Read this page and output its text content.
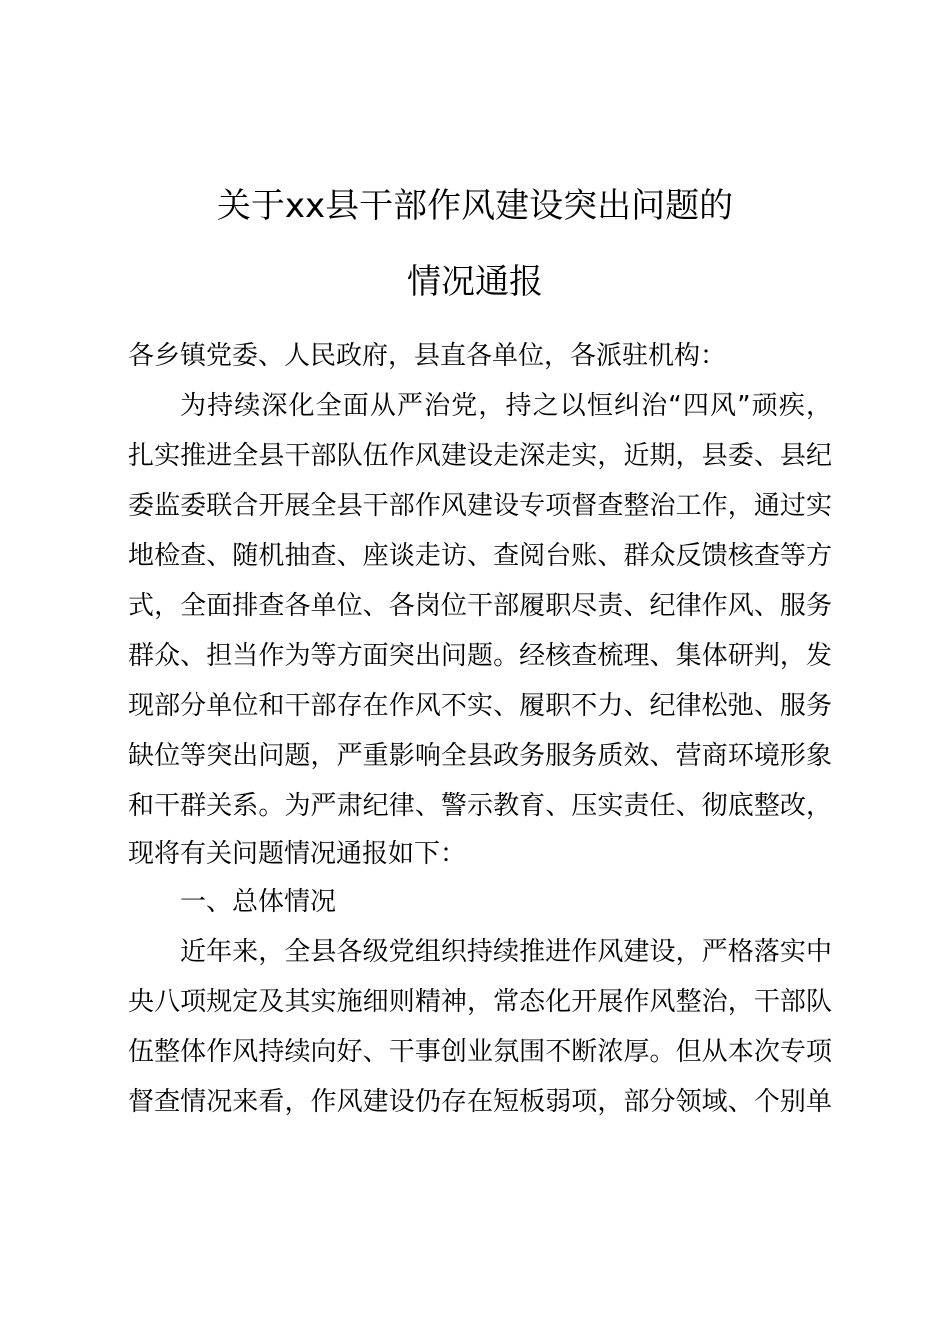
关于xx县干部作风建设突出问题的
情况通报
各乡镇党委、人民政府，县直各单位，各派驻机构：
为持续深化全面从严治党，持之以恒纠治“四风”顽疾，
扎实推进全县干部队伍作风建设走深走实，近期，县委、县纪
委监委联合开展全县干部作风建设专项督查整治工作，通过实
地检查、随机抽查、座谈走访、查阅台账、群众反馈核查等方
式，全面排查各单位、各岗位干部履职尽责、纪律作风、服务
群众、担当作为等方面突出问题。经核查梳理、集体研判，发
现部分单位和干部存在作风不实、履职不力、纪律松弛、服务
缺位等突出问题，严重影响全县政务服务质效、营商环境形象
和干群关系。为严肃纪律、警示教育、压实责任、彻底整改，
现将有关问题情况通报如下：
一、总体情况
近年来，全县各级党组织持续推进作风建设，严格落实中
央八项规定及其实施细则精神，常态化开展作风整治，干部队
伍整体作风持续向好、干事创业氛围不断浓厚。但从本次专项
督查情况来看，作风建设仍存在短板弱项，部分领域、个别单
